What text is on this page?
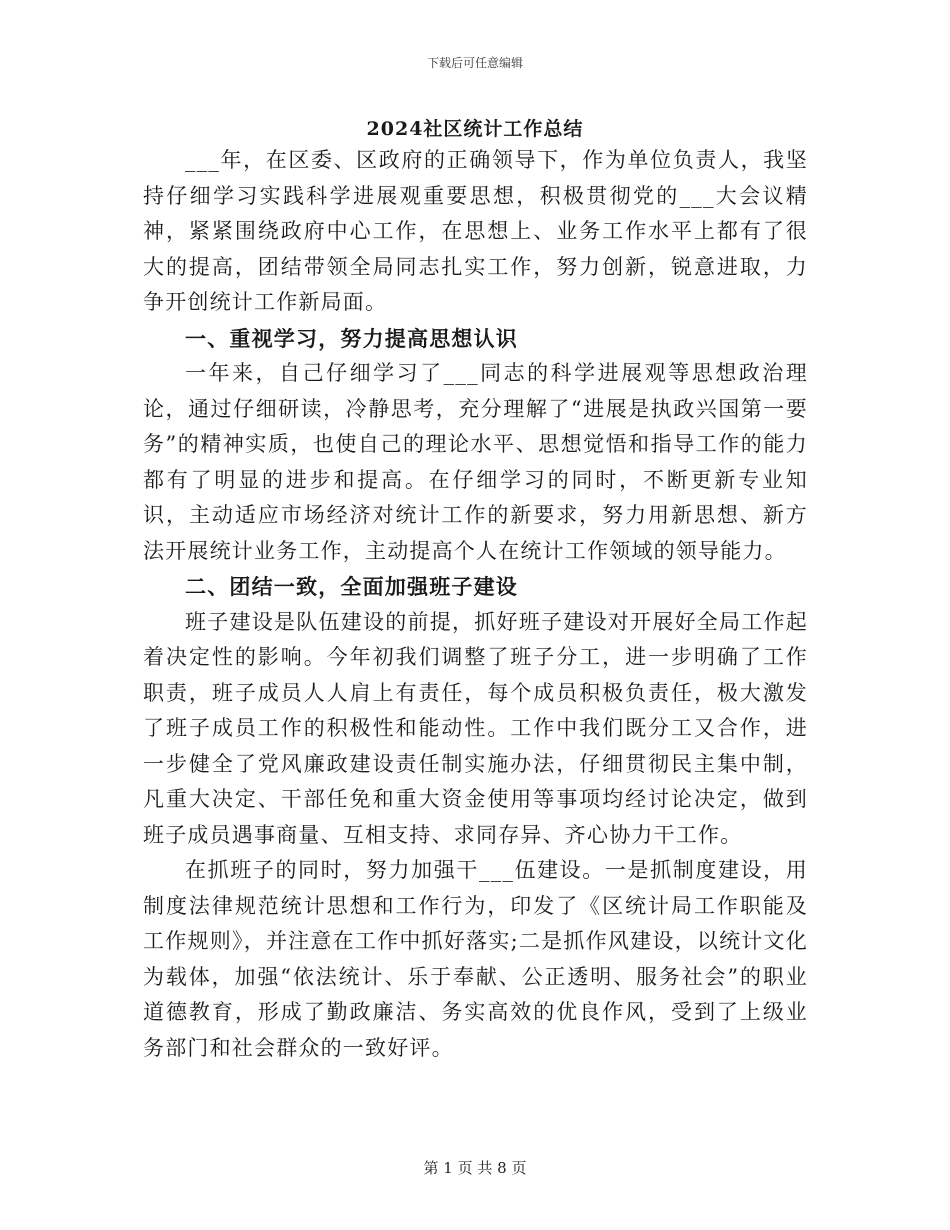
下载后可任意编辑
2024社区统计工作总结

___年，在区委、区政府的正确领导下，作为单位负责人，我坚持仔细学习实践科学进展观重要思想，积极贯彻党的___大会议精神，紧紧围绕政府中心工作，在思想上、业务工作水平上都有了很大的提高，团结带领全局同志扎实工作，努力创新，锐意进取，力争开创统计工作新局面。

一、重视学习，努力提高思想认识

一年来，自己仔细学习了___同志的科学进展观等思想政治理论，通过仔细研读，冷静思考，充分理解了“进展是执政兴国第一要务”的精神实质，也使自己的理论水平、思想觉悟和指导工作的能力都有了明显的进步和提高。在仔细学习的同时，不断更新专业知识，主动适应市场经济对统计工作的新要求，努力用新思想、新方法开展统计业务工作，主动提高个人在统计工作领域的领导能力。

二、团结一致，全面加强班子建设

班子建设是队伍建设的前提，抓好班子建设对开展好全局工作起着决定性的影响。今年初我们调整了班子分工，进一步明确了工作职责，班子成员人人肩上有责任，每个成员积极负责任，极大激发了班子成员工作的积极性和能动性。工作中我们既分工又合作，进一步健全了党风廉政建设责任制实施办法，仔细贯彻民主集中制，凡重大决定、干部任免和重大资金使用等事项均经讨论决定，做到班子成员遇事商量、互相支持、求同存异、齐心协力干工作。

在抓班子的同时，努力加强干___伍建设。一是抓制度建设，用制度法律规范统计思想和工作行为，印发了《区统计局工作职能及工作规则》，并注意在工作中抓好落实;二是抓作风建设，以统计文化为载体，加强“依法统计、乐于奉献、公正透明、服务社会”的职业道德教育，形成了勤政廉洁、务实高效的优良作风，受到了上级业务部门和社会群众的一致好评。

第 1 页 共 8 页
